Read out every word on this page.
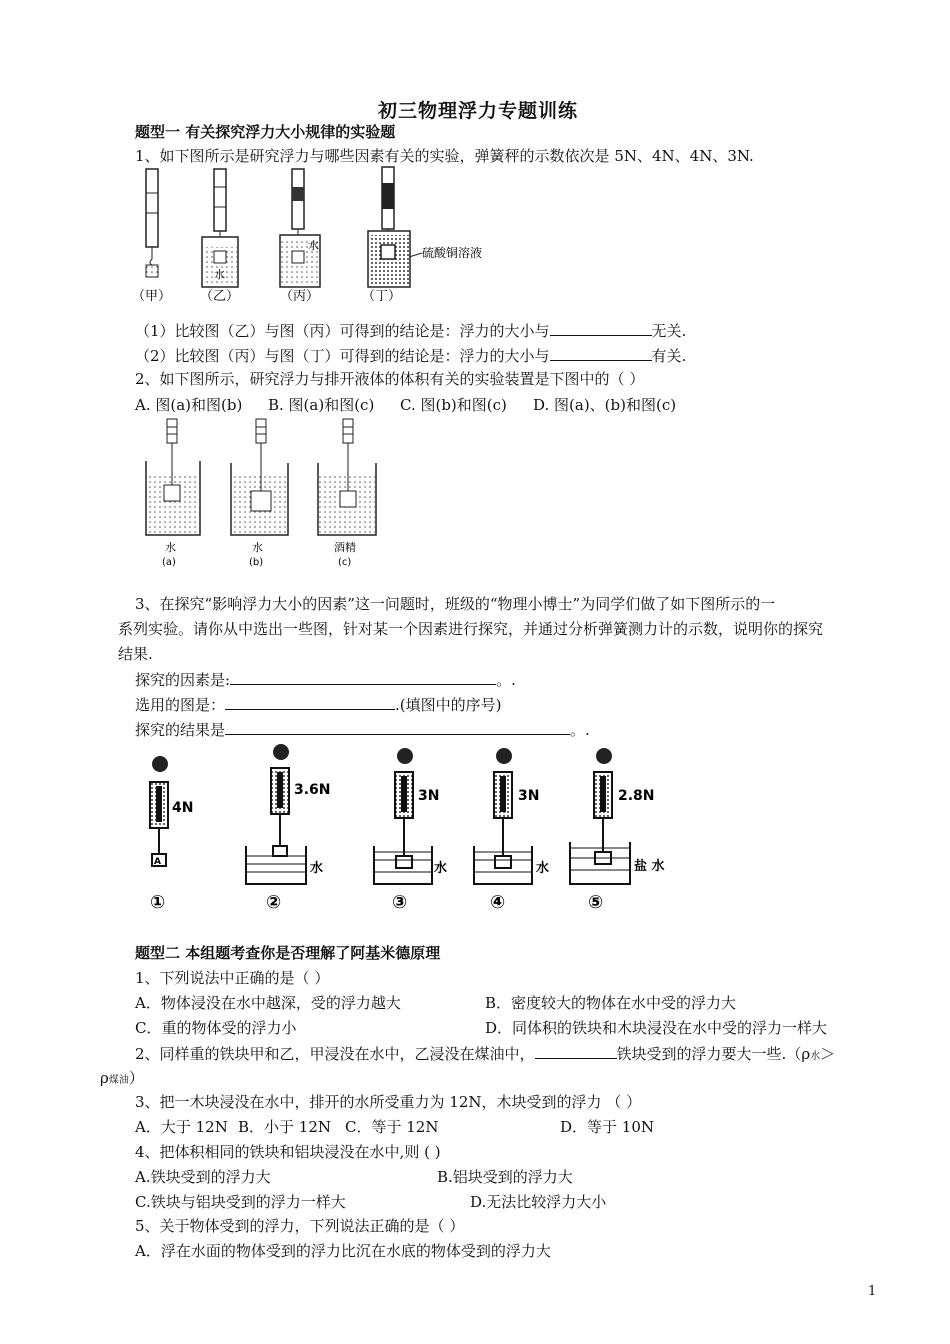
初三物理浮力专题训练
题型一 有关探究浮力大小规律的实验题
1、如下图所示是研究浮力与哪些因素有关的实验，弹簧秤的示数依次是 5N、4N、4N、3N.
水
水
硫酸铜溶液
（甲） （乙）	（丙）	（丁）
（1）比较图（乙）与图（丙）可得到的结论是：浮力的大小与	无关.
（2）比较图（丙）与图（丁）可得到的结论是：浮力的大小与	有关.
2、如下图所示，研究浮力与排开液体的体积有关的实验装置是下图中的（ ）
A. 图(a)和图(b) B. 图(a)和图(c) C. 图(b)和图(c) D. 图(a)、(b)和图(c)
水
(a)
水
(b)
酒精
(c)
3、在探究“影响浮力大小的因素”这一问题时，班级的“物理小博士”为同学们做了如下图所示的一
系列实验。请你从中选出一些图，针对某一个因素进行探究，并通过分析弹簧测力计的示数，说明你的探究
结果.
探究的因素是:	。.
选用的图是：	.(填图中的序号)
探究的结果是	。.
A
4N
3.6N
水
3N
水
3N
水
2.8N
盐 水
①	②	③	④	⑤
题型二 本组题考查你是否理解了阿基米德原理
1、下列说法中正确的是（ ）
A．物体浸没在水中越深，受的浮力越大	B．密度较大的物体在水中受的浮力大
C．重的物体受的浮力小	D．同体积的铁块和木块浸没在水中受的浮力一样大
2、同样重的铁块甲和乙，甲浸没在水中，乙浸没在煤油中，	铁块受到的浮力要大一些.（ρ水＞
ρ煤油）
3、把一木块浸没在水中，排开的水所受重力为 12N，木块受到的浮力 （ ）
A．大于 12N B．小于 12N C．等于 12N	D．等于 10N
4、把体积相同的铁块和铝块浸没在水中,则 ( )
A.铁块受到的浮力大	B.铝块受到的浮力大
C.铁块与铝块受到的浮力一样大	D.无法比较浮力大小
5、关于物体受到的浮力，下列说法正确的是（ ）
A．浮在水面的物体受到的浮力比沉在水底的物体受到的浮力大
1
